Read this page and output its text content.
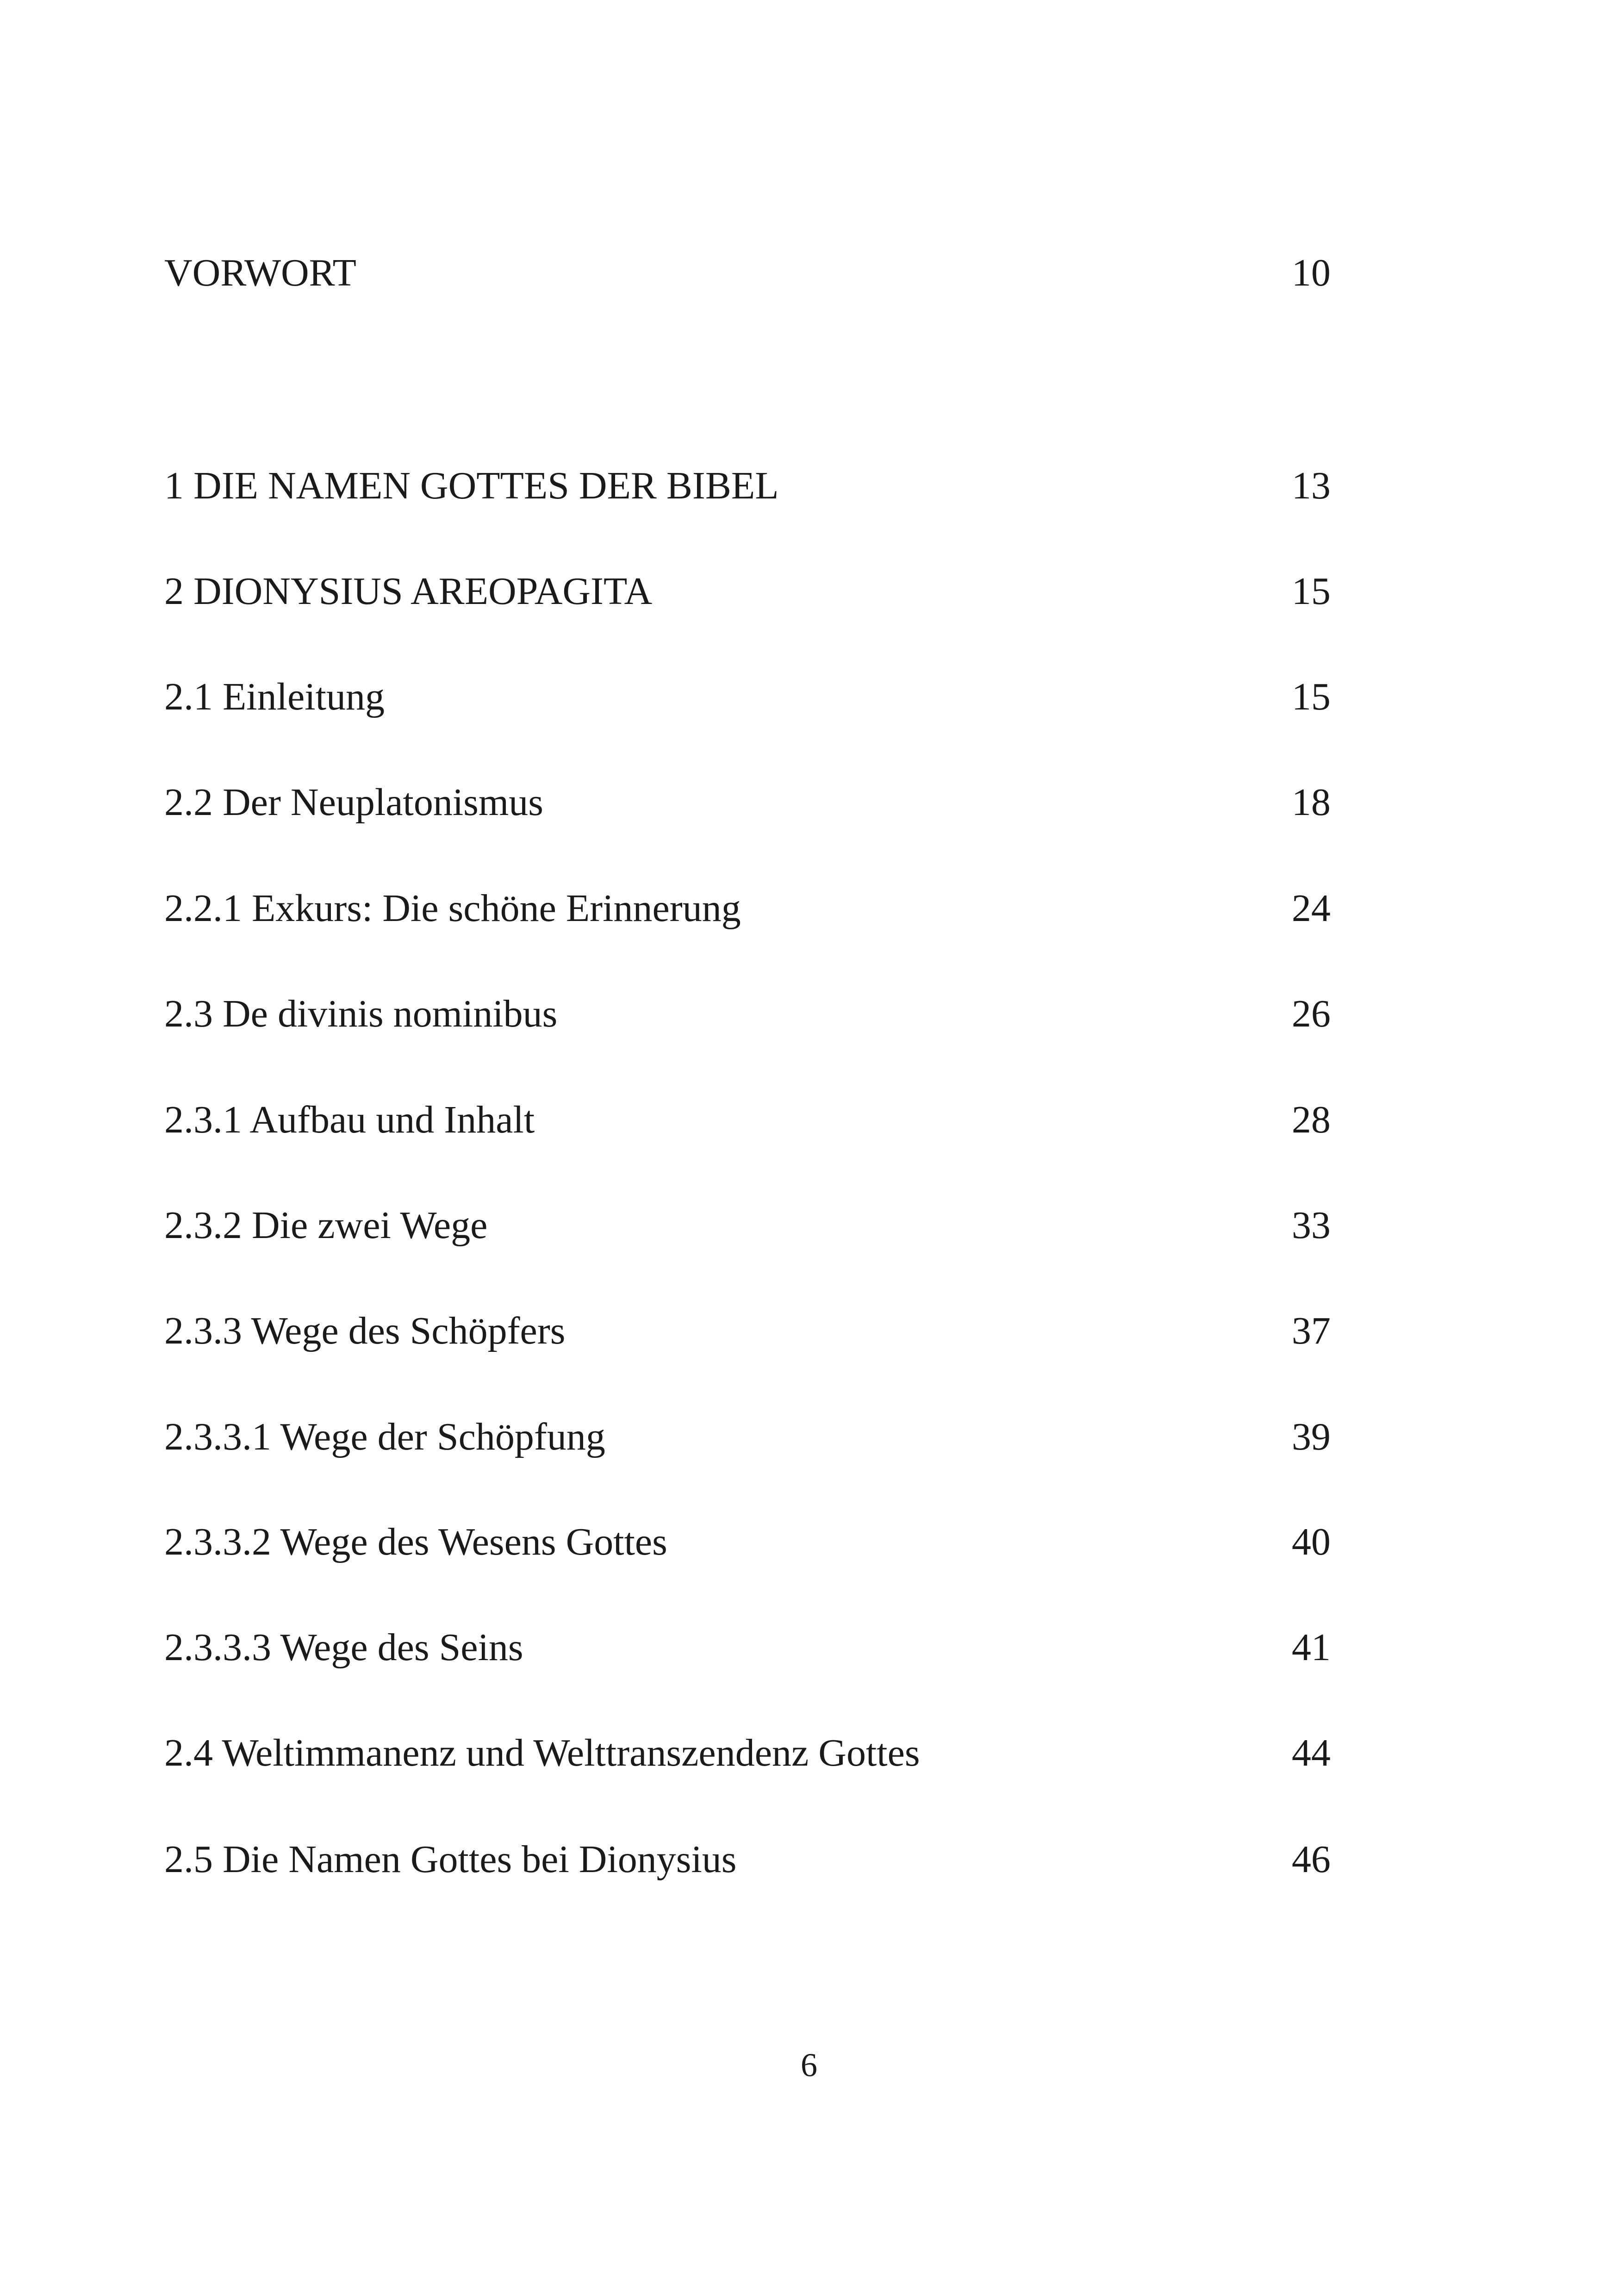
VORWORT	10
1 DIE NAMEN GOTTES DER BIBEL	13
2 DIONYSIUS AREOPAGITA	15
2.1 Einleitung	15
2.2 Der Neuplatonismus	18
2.2.1 Exkurs: Die schöne Erinnerung	24
2.3 De divinis nominibus	26
2.3.1 Aufbau und Inhalt	28
2.3.2 Die zwei Wege	33
2.3.3 Wege des Schöpfers	37
2.3.3.1 Wege der Schöpfung	39
2.3.3.2 Wege des Wesens Gottes	40
2.3.3.3 Wege des Seins	41
2.4 Weltimmanenz und Welttranszendenz Gottes	44
2.5 Die Namen Gottes bei Dionysius	46
6
